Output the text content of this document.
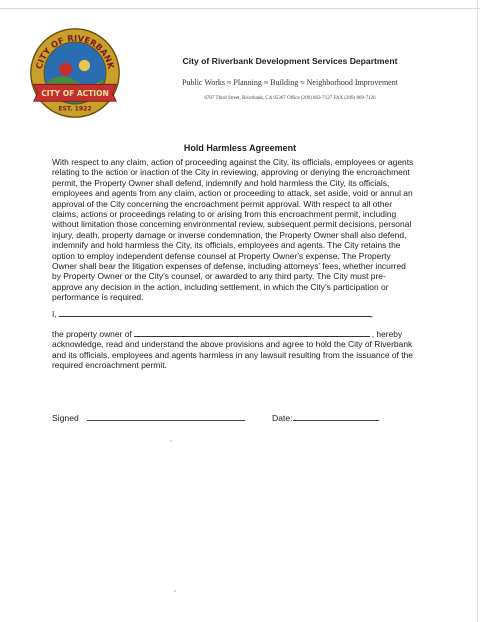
CITY OF RIVERBANK
CITY OF ACTION
EST. 1922
City of Riverbank Development Services Department
Public Works ≈ Planning ≈ Building ≈ Neighborhood Improvement
6707 Third Street, Riverbank, CA 95367 Office (209) 863-7127 FAX (209) 869-7126
Hold Harmless Agreement
With respect to any claim, action of proceeding against the City, its officials, employees or agents relating to the action or inaction of the City in reviewing, approving or denying the encroachment permit, the Property Owner shall defend, indemnify and hold harmless the City, its officials, employees and agents from any claim, action or proceeding to attack, set aside, void or annul an approval of the City concerning the encroachment permit approval. With respect to all other claims, actions or proceedings relating to or arising from this encroachment permit, including without limitation those concerning environmental review, subsequent permit decisions, personal injury, death, property damage or inverse condemnation, the Property Owner shall also defend, indemnify and hold harmless the City, its officials, employees and agents. The City retains the option to employ independent defense counsel at Property Owner's expense. The Property Owner shall bear the litigation expenses of defense, including attorneys' fees, whether incurred by Property Owner or the City's counsel, or awarded to any third party. The City must pre-approve any decision in the action, including settlement, in which the City's participation or performance is required.
I,	,
the property owner of	, hereby acknowledge, read and understand the above provisions and agree to hold the City of Riverbank and its officials, employees and agents harmless in any lawsuit resulting from the issuance of the required encroachment permit.
Signed	Date:
